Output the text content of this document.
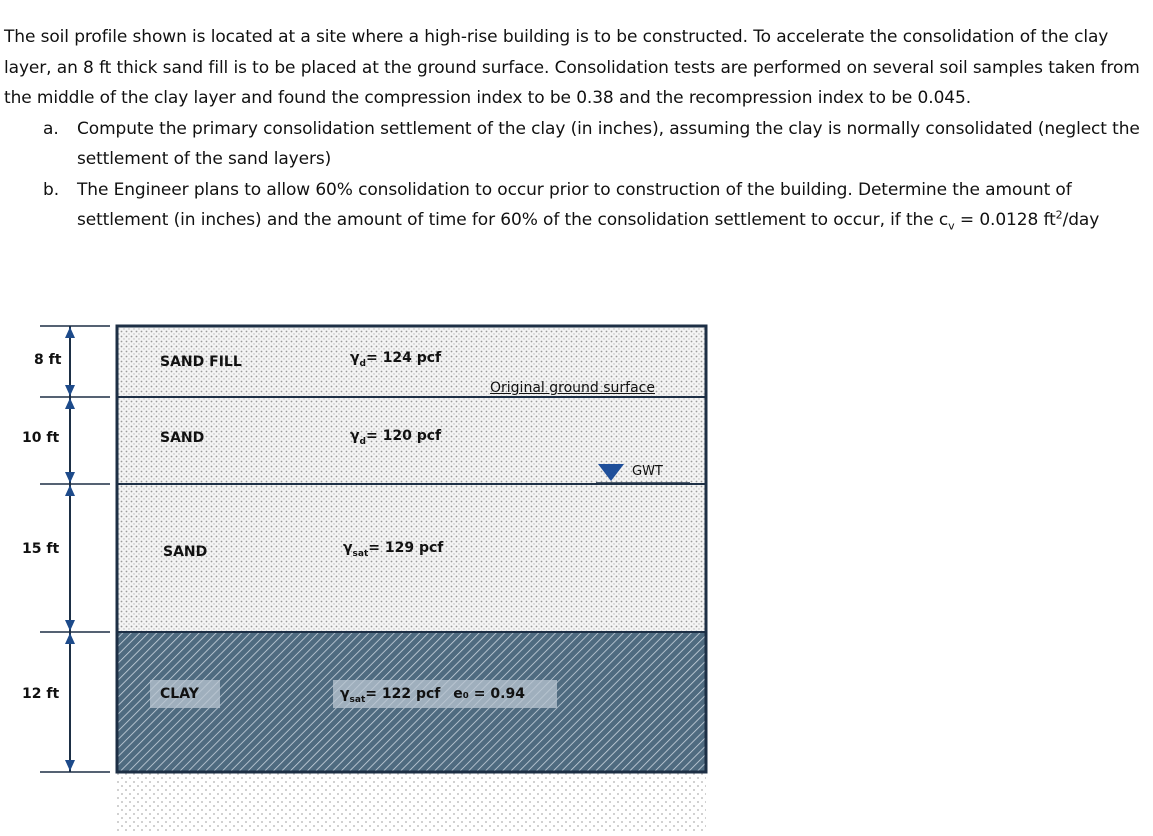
The soil profile shown is located at a site where a high-rise building is to be constructed. To accelerate the consolidation of the clay layer, an 8 ft thick sand fill is to be placed at the ground surface. Consolidation tests are performed on several soil samples taken from the middle of the clay layer and found the compression index to be 0.38 and the recompression index to be 0.045.

a. Compute the primary consolidation settlement of the clay (in inches), assuming the clay is normally consolidated (neglect the settlement of the sand layers)
b. The Engineer plans to allow 60% consolidation to occur prior to construction of the building. Determine the amount of settlement (in inches) and the amount of time for 60% of the consolidation settlement to occur, if the $c_v = 0.0128$ $ft^2$/day
8 ft
10 ft
15 ft
12 ft
SAND FILL	$\gamma_d= 124$ pcf
SAND	$\gamma_d= 120$ pcf
SAND	$\gamma_{sat}= 129$ pcf
CLAY	$\gamma_{sat}= 122$ pcf e₀ = 0.94
Original ground surface
GWT
